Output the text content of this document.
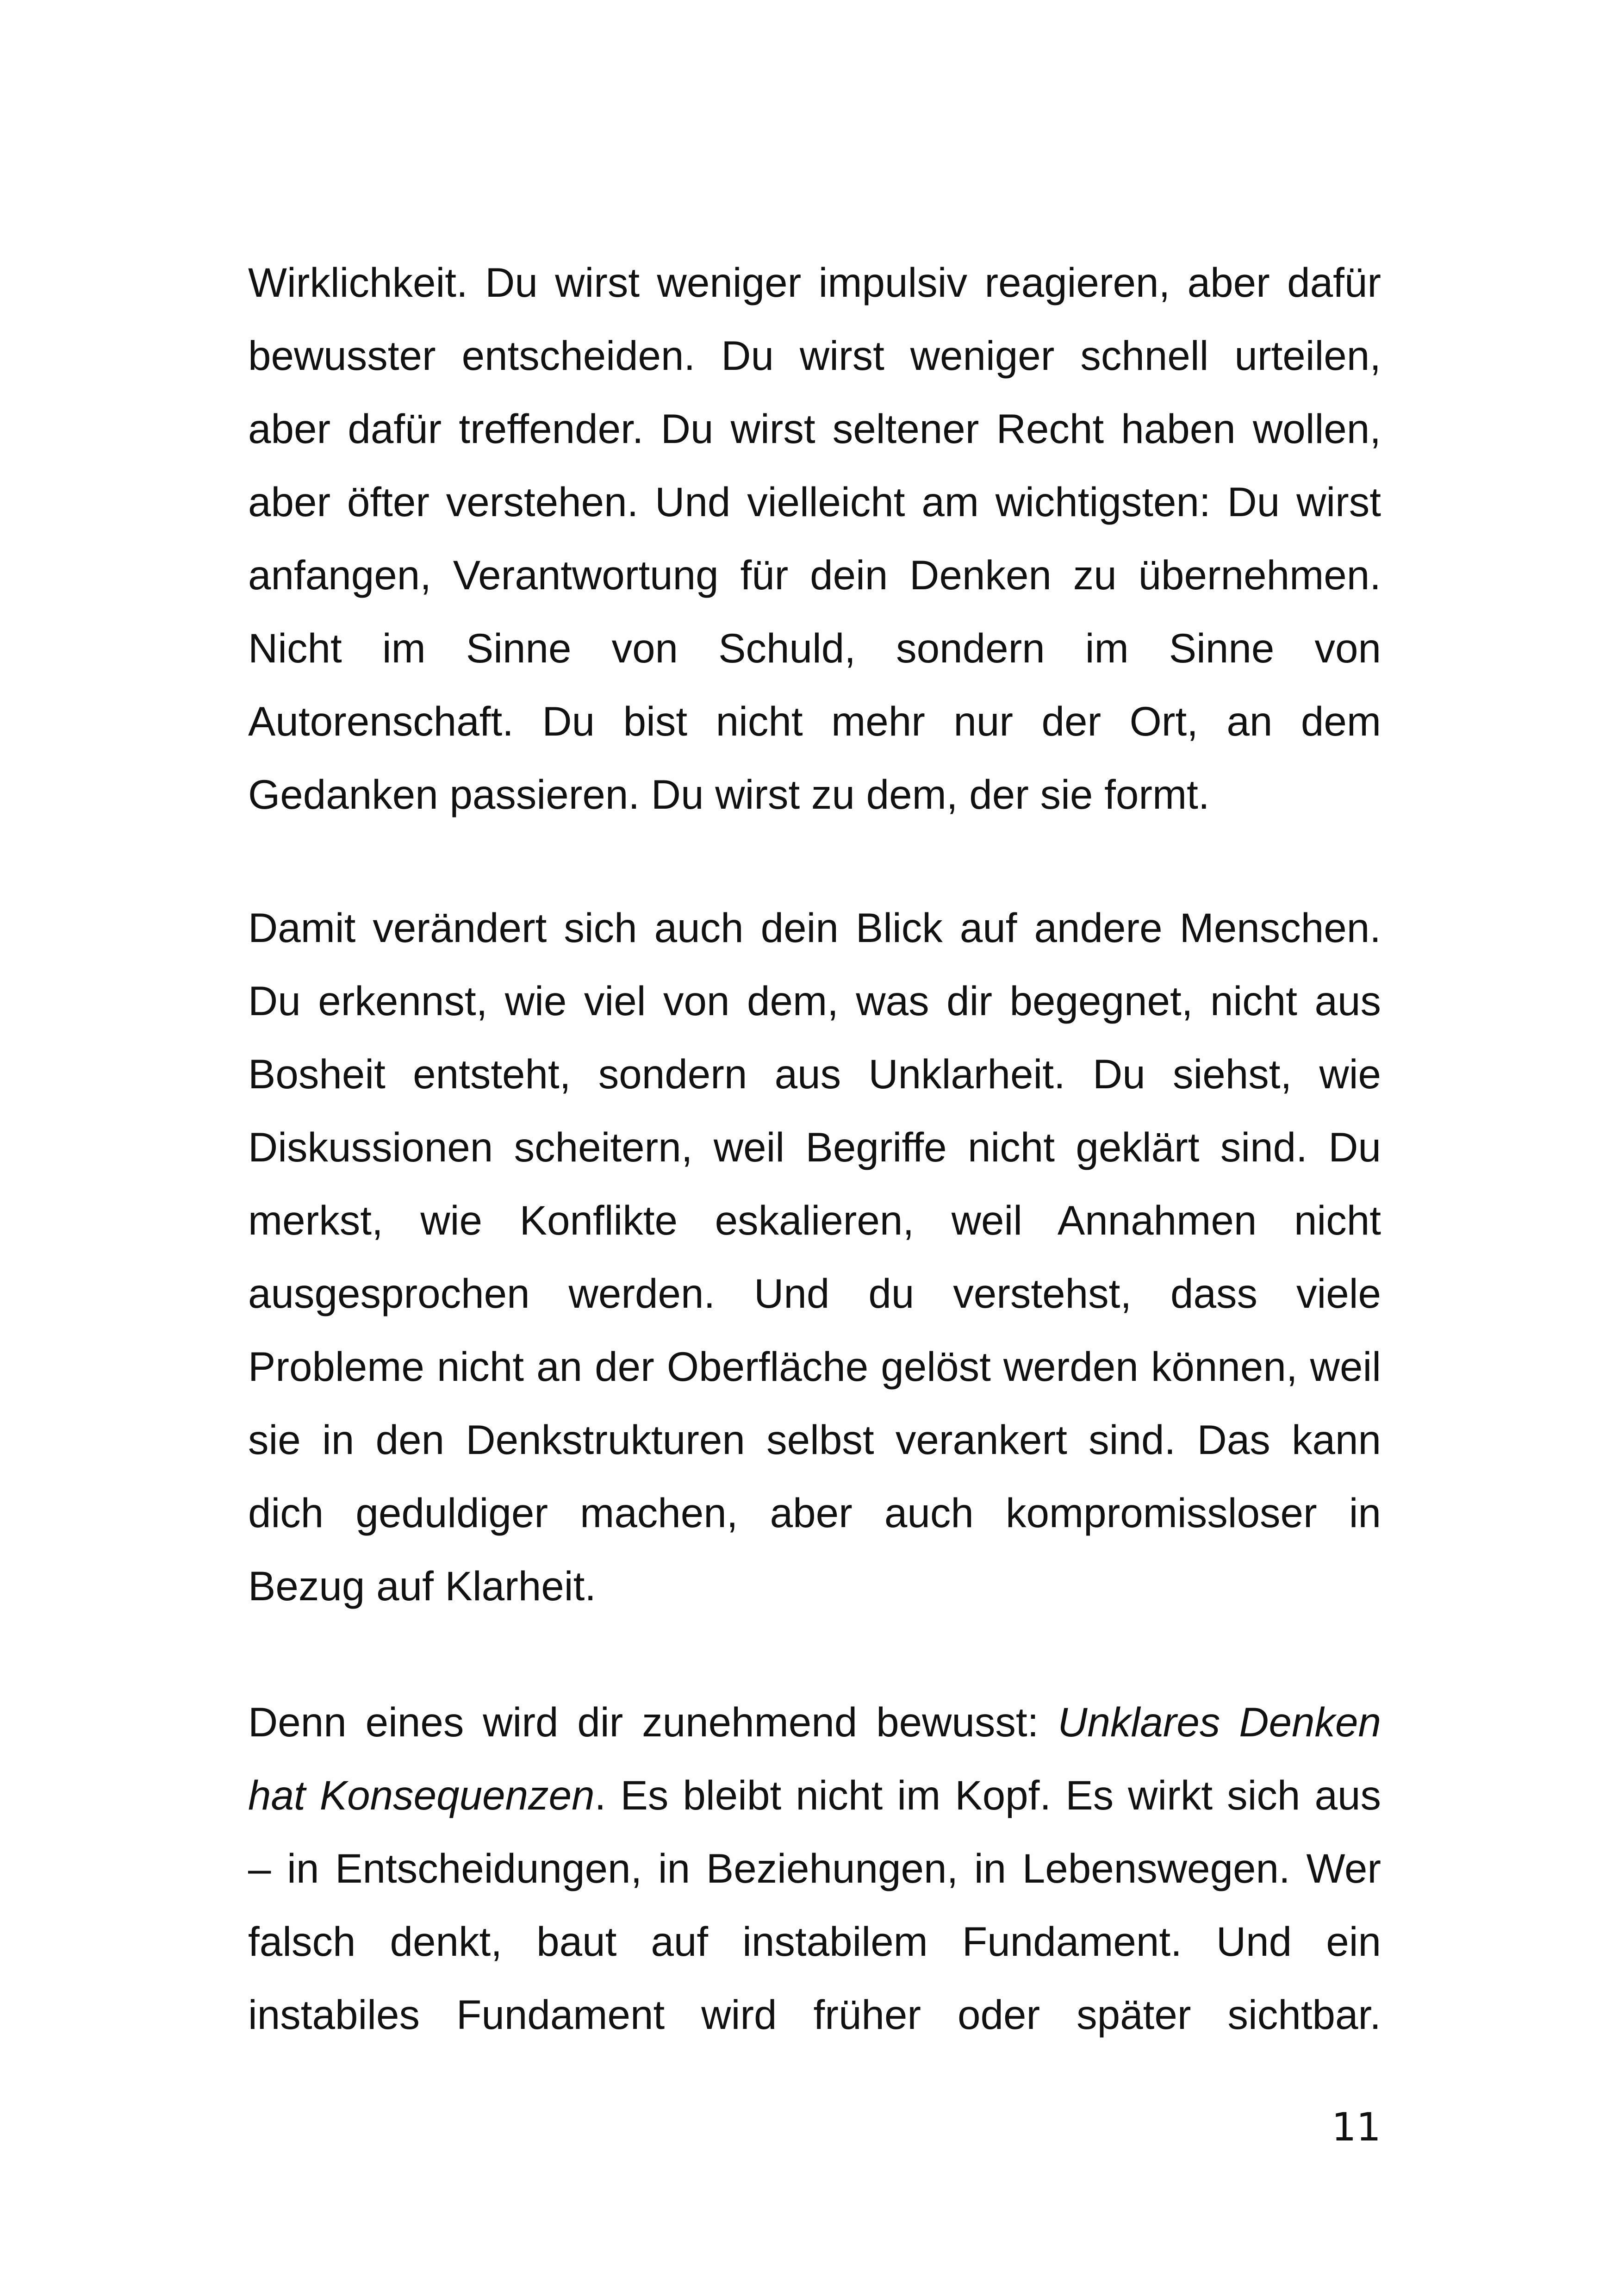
Wirklichkeit. Du wirst weniger impulsiv reagieren, aber dafür bewusster entscheiden. Du wirst weniger schnell urteilen, aber dafür treffender. Du wirst seltener Recht haben wollen, aber öfter verstehen. Und vielleicht am wichtigsten: Du wirst anfangen, Verantwortung für dein Denken zu übernehmen. Nicht im Sinne von Schuld, sondern im Sinne von Autorenschaft. Du bist nicht mehr nur der Ort, an dem Gedanken passieren. Du wirst zu dem, der sie formt.

Damit verändert sich auch dein Blick auf andere Menschen. Du erkennst, wie viel von dem, was dir begegnet, nicht aus Bosheit entsteht, sondern aus Unklarheit. Du siehst, wie Diskussionen scheitern, weil Begriffe nicht geklärt sind. Du merkst, wie Konflikte eskalieren, weil Annahmen nicht ausgesprochen werden. Und du verstehst, dass viele Probleme nicht an der Oberfläche gelöst werden können, weil sie in den Denkstrukturen selbst verankert sind. Das kann dich geduldiger machen, aber auch kompromissloser in Bezug auf Klarheit.

Denn eines wird dir zunehmend bewusst: Unklares Denken hat Konsequenzen. Es bleibt nicht im Kopf. Es wirkt sich aus – in Entscheidungen, in Beziehungen, in Lebenswegen. Wer falsch denkt, baut auf instabilem Fundament. Und ein instabiles Fundament wird früher oder später sichtbar.

11
